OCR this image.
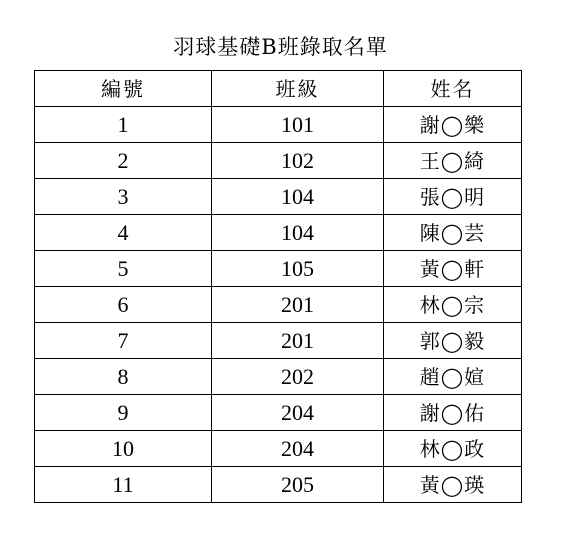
羽球基礎B班錄取名單
編號	班級	姓名
1	101	謝◯樂
2	102	王◯綺
3	104	張◯明
4	104	陳◯芸
5	105	黃◯軒
6	201	林◯宗
7	201	郭◯毅
8	202	趙◯媗
9	204	謝◯佑
10	204	林◯政
11	205	黃◯瑛
